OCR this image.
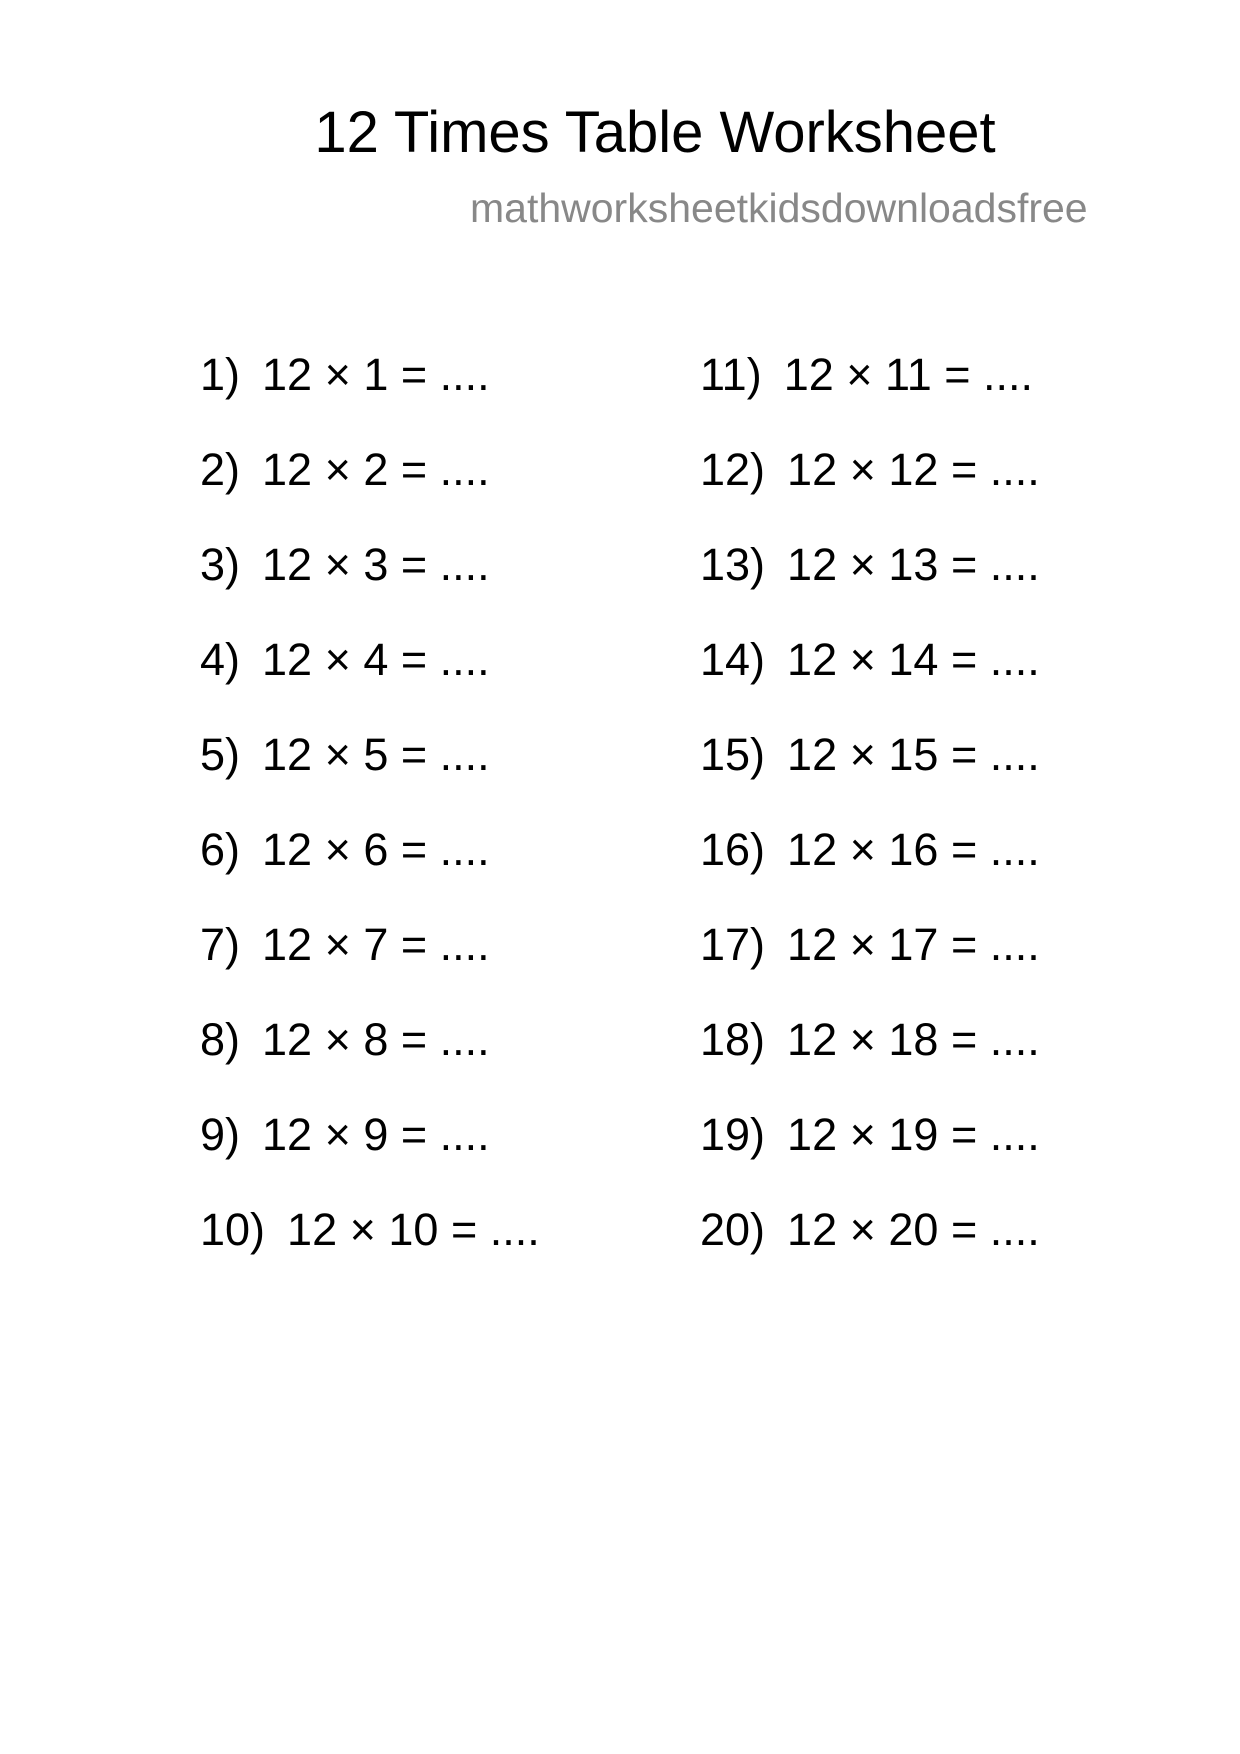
12 Times Table Worksheet
mathworksheetkidsdownloadsfree
1) 12 × 1 = ....
2) 12 × 2 = ....
3) 12 × 3 = ....
4) 12 × 4 = ....
5) 12 × 5 = ....
6) 12 × 6 = ....
7) 12 × 7 = ....
8) 12 × 8 = ....
9) 12 × 9 = ....
10) 12 × 10 = ....
11) 12 × 11 = ....
12) 12 × 12 = ....
13) 12 × 13 = ....
14) 12 × 14 = ....
15) 12 × 15 = ....
16) 12 × 16 = ....
17) 12 × 17 = ....
18) 12 × 18 = ....
19) 12 × 19 = ....
20) 12 × 20 = ....
